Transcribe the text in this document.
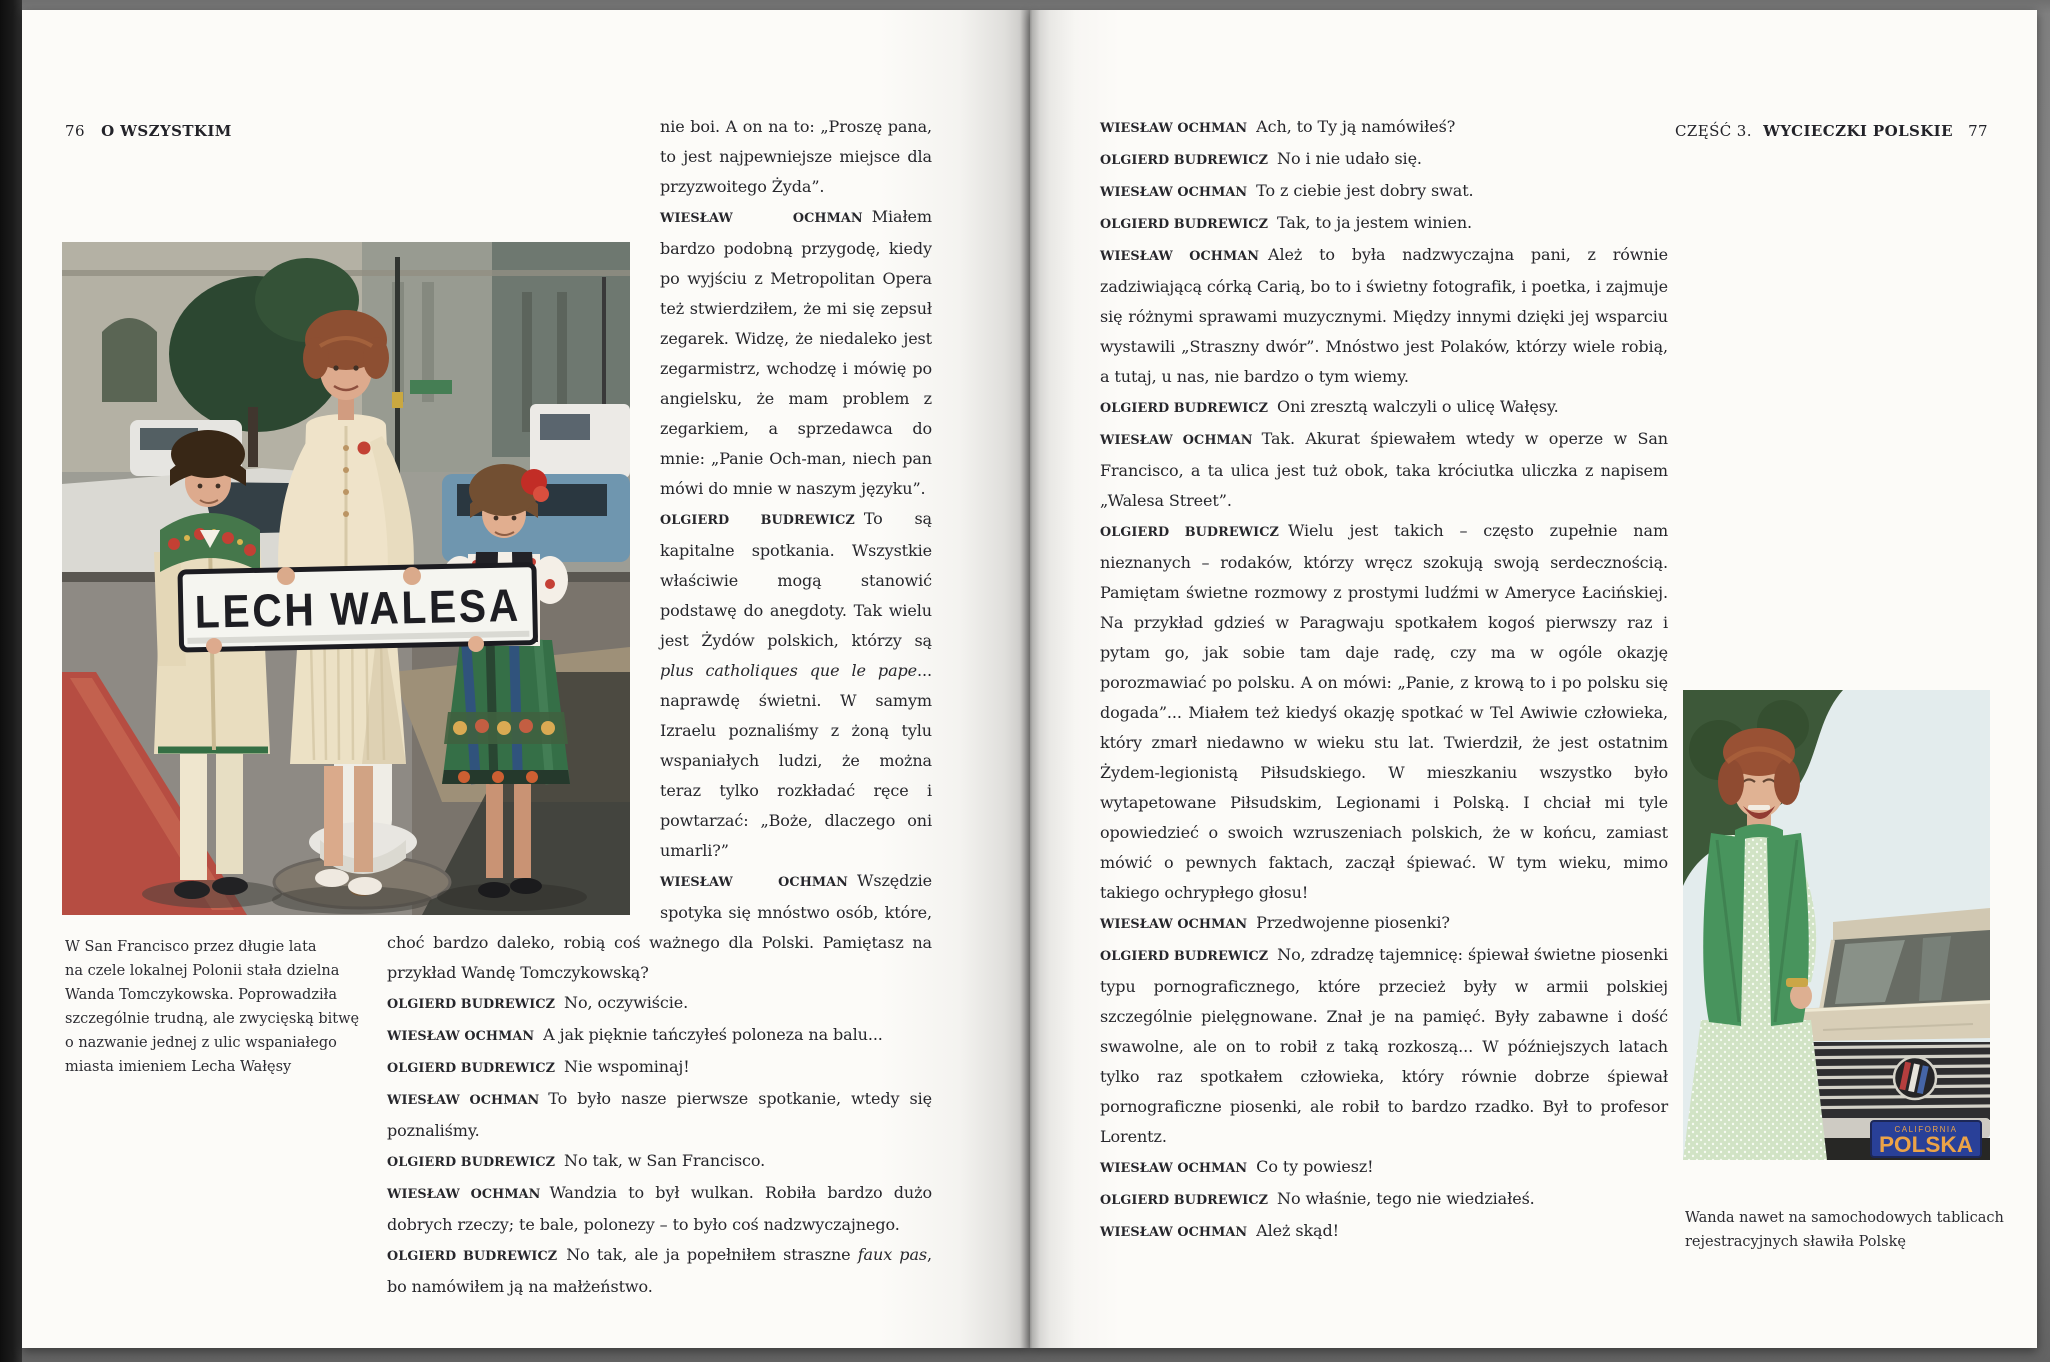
76 O WSZYSTKIM
LECH WALESA
W San Francisco przez długie lata
na czele lokalnej Polonii stała dzielna
Wanda Tomczykowska. Poprowadziła
szczególnie trudną, ale zwycięską bitwę
o nazwanie jednej z ulic wspaniałego
miasta imieniem Lecha Wałęsy

nie boi. A on na to: „Proszę pana, to jest najpewniejsze miejsce dla przyzwoitego Żyda”.

WIESŁAW OCHMAN Miałem bardzo podobną przygodę, kiedy po wyjściu z Metropolitan Opera też stwierdziłem, że mi się zepsuł zegarek. Widzę, że niedaleko jest zegarmistrz, wchodzę i mówię po angielsku, że mam problem z zegarkiem, a sprzedawca do mnie: „Panie Och-man, niech pan mówi do mnie w naszym języku”.

OLGIERD BUDREWICZ To są kapitalne spotkania. Wszystkie właściwie mogą stanowić podstawę do anegdoty. Tak wielu jest Żydów polskich, którzy są plus catholiques que le pape... naprawdę świetni. W samym Izraelu poznaliśmy z żoną tylu wspaniałych ludzi, że można teraz tylko rozkładać ręce i powtarzać: „Boże, dlaczego oni umarli?”

WIESŁAW OCHMAN Wszędzie spotyka się mnóstwo osób, które, choć bardzo daleko, robią coś ważnego dla Polski. Pamiętasz na przykład Wandę Tomczykowską?

OLGIERD BUDREWICZ No, oczywiście.

WIESŁAW OCHMAN A jak pięknie tańczyłeś poloneza na balu...

OLGIERD BUDREWICZ Nie wspominaj!

WIESŁAW OCHMAN To było nasze pierwsze spotkanie, wtedy się poznaliśmy.

OLGIERD BUDREWICZ No tak, w San Francisco.

WIESŁAW OCHMAN Wandzia to był wulkan. Robiła bardzo dużo dobrych rzeczy; te bale, polonezy – to było coś nadzwyczajnego.

OLGIERD BUDREWICZ No tak, ale ja popełniłem straszne faux pas, bo namówiłem ją na małżeństwo.

CZĘŚĆ 3. WYCIECZKI POLSKIE 77

WIESŁAW OCHMAN Ach, to Ty ją namówiłeś?

OLGIERD BUDREWICZ No i nie udało się.

WIESŁAW OCHMAN To z ciebie jest dobry swat.

OLGIERD BUDREWICZ Tak, to ja jestem winien.

WIESŁAW OCHMAN Ależ to była nadzwyczajna pani, z równie zadziwiającą córką Carią, bo to i świetny fotografik, i poetka, i zajmuje się różnymi sprawami muzycznymi. Między innymi dzięki jej wsparciu wystawili „Straszny dwór”. Mnóstwo jest Polaków, którzy wiele robią, a tutaj, u nas, nie bardzo o tym wiemy.

OLGIERD BUDREWICZ Oni zresztą walczyli o ulicę Wałęsy.

WIESŁAW OCHMAN Tak. Akurat śpiewałem wtedy w operze w San Francisco, a ta ulica jest tuż obok, taka króciutka uliczka z napisem „Walesa Street”.

OLGIERD BUDREWICZ Wielu jest takich – często zupełnie nam nieznanych – rodaków, którzy wręcz szokują swoją serdecznością. Pamiętam świetne rozmowy z prostymi ludźmi w Ameryce Łacińskiej. Na przykład gdzieś w Paragwaju spotkałem kogoś pierwszy raz i pytam go, jak sobie tam daje radę, czy ma w ogóle okazję porozmawiać po polsku. A on mówi: „Panie, z krową to i po polsku się dogada”... Miałem też kiedyś okazję spotkać w Tel Awiwie człowieka, który zmarł niedawno w wieku stu lat. Twierdził, że jest ostatnim Żydem-legionistą Piłsudskiego. W mieszkaniu wszystko było wytapetowane Piłsudskim, Legionami i Polską. I chciał mi tyle opowiedzieć o swoich wzruszeniach polskich, że w końcu, zamiast mówić o pewnych faktach, zaczął śpiewać. W tym wieku, mimo takiego ochrypłego głosu!

WIESŁAW OCHMAN Przedwojenne piosenki?

OLGIERD BUDREWICZ No, zdradzę tajemnicę: śpiewał świetne piosenki typu pornograficznego, które przecież były w armii polskiej szczególnie pielęgnowane. Znał je na pamięć. Były zabawne i dość swawolne, ale on to robił z taką rozkoszą... W późniejszych latach tylko raz spotkałem człowieka, który równie dobrze śpiewał pornograficzne piosenki, ale robił to bardzo rzadko. Był to profesor Lorentz.

WIESŁAW OCHMAN Co ty powiesz!

OLGIERD BUDREWICZ No właśnie, tego nie wiedziałeś.

WIESŁAW OCHMAN Ależ skąd!

CALIFORNIA
POLSKA
Wanda nawet na samochodowych tablicach
rejestracyjnych sławiła Polskę
